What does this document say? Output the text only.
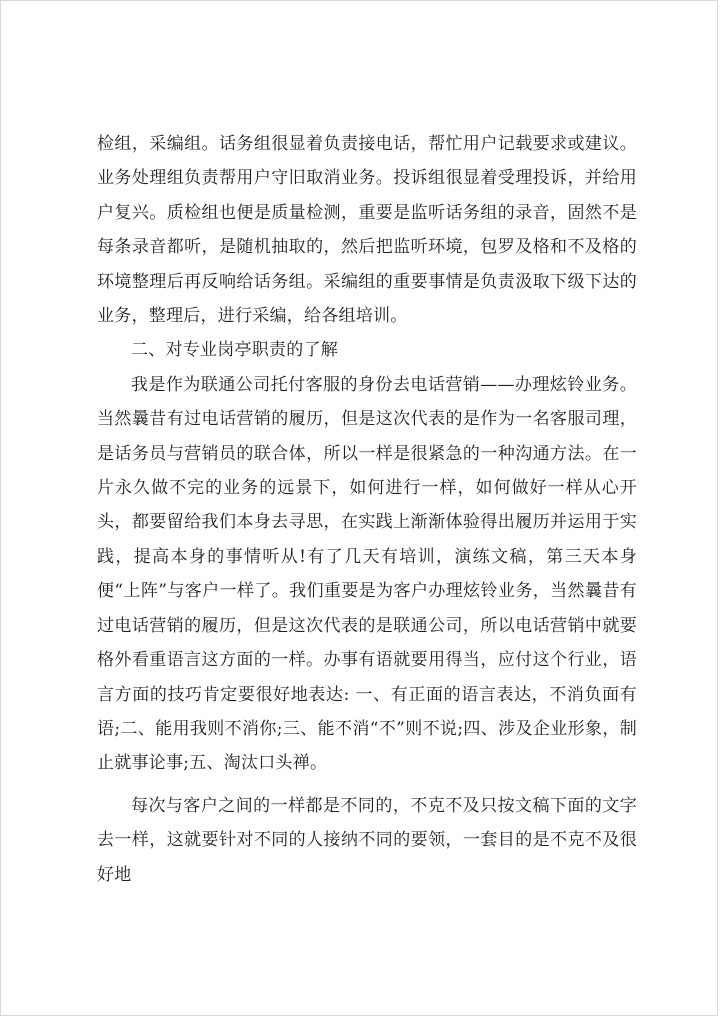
检组，采编组。话务组很显着负责接电话，帮忙用户记载要求或建议。业务处理组负责帮用户守旧取消业务。投诉组很显着受理投诉，并给用户复兴。质检组也便是质量检测，重要是监听话务组的录音，固然不是每条录音都听，是随机抽取的，然后把监听环境，包罗及格和不及格的环境整理后再反响给话务组。采编组的重要事情是负责汲取下级下达的业务，整理后，进行采编，给各组培训。

二、对专业岗亭职责的了解

我是作为联通公司托付客服的身份去电话营销——办理炫铃业务。当然曩昔有过电话营销的履历，但是这次代表的是作为一名客服司理，是话务员与营销员的联合体，所以一样是很紧急的一种沟通方法。在一片永久做不完的业务的远景下，如何进行一样，如何做好一样从心开头，都要留给我们本身去寻思，在实践上渐渐体验得出履历并运用于实践，提高本身的事情听从!有了几天有培训，演练文稿，第三天本身便“上阵”与客户一样了。我们重要是为客户办理炫铃业务，当然曩昔有过电话营销的履历，但是这次代表的是联通公司，所以电话营销中就要格外看重语言这方面的一样。办事有语就要用得当，应付这个行业，语言方面的技巧肯定要很好地表达: 一、有正面的语言表达，不消负面有语;二、能用我则不消你;三、能不消“不”则不说;四、涉及企业形象，制止就事论事;五、淘汰口头禅。

每次与客户之间的一样都是不同的，不克不及只按文稿下面的文字去一样，这就要针对不同的人接纳不同的要领，一套目的是不克不及很好地
